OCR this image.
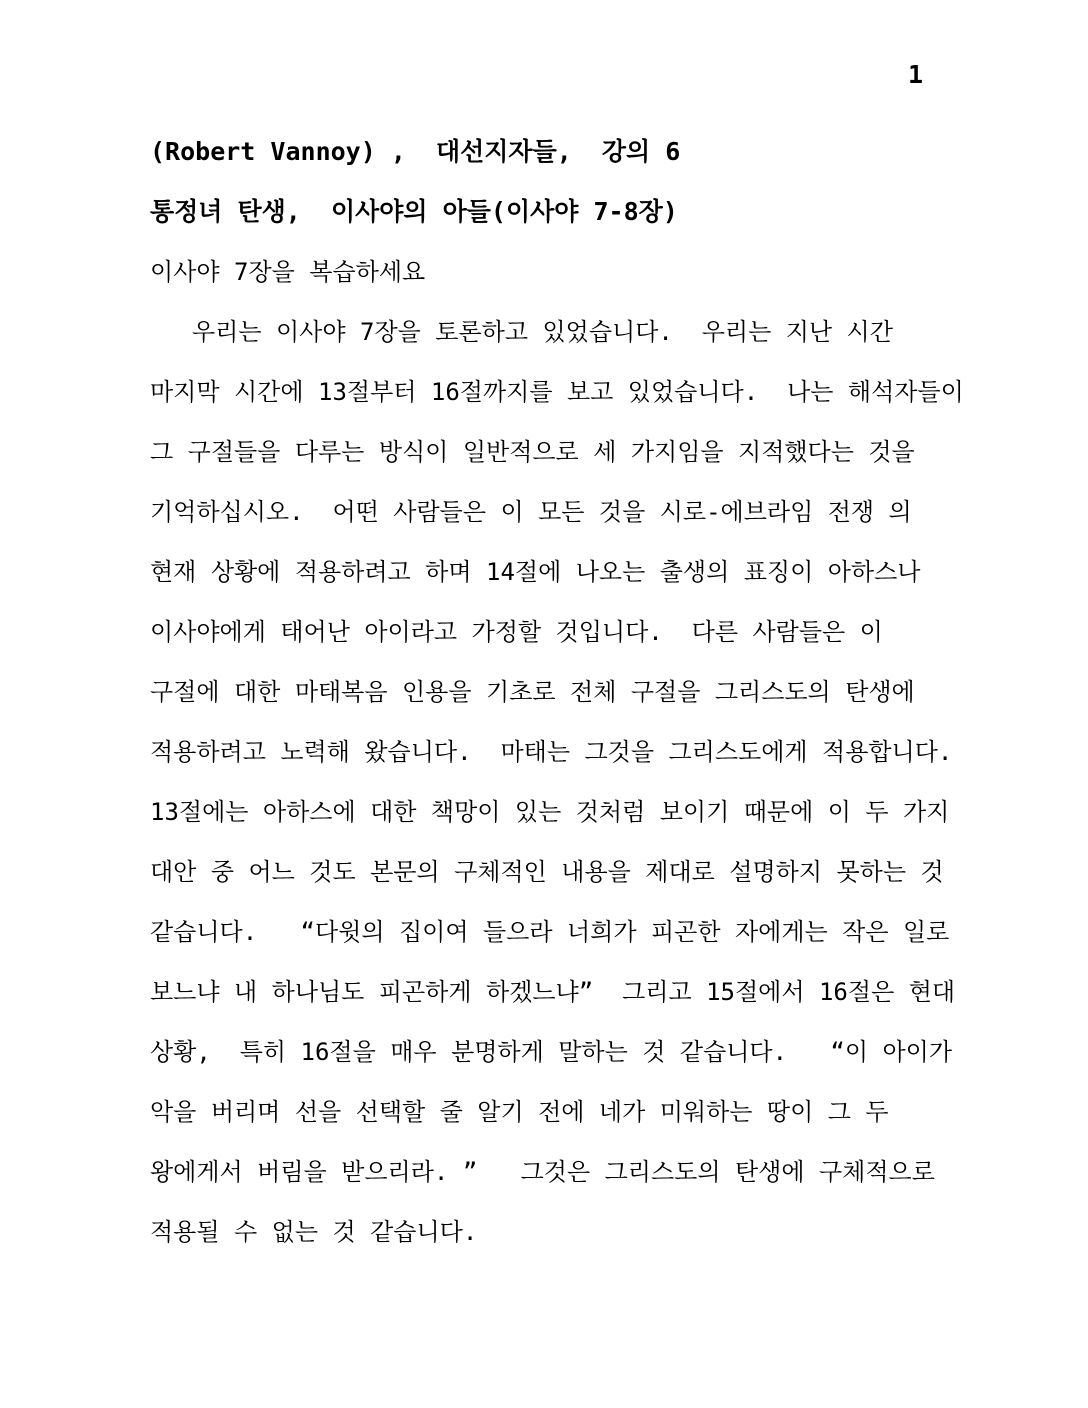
1
(Robert Vannoy) ,  대선지자들,  강의 6
통정녀 탄생,  이사야의 아들(이사야 7-8장)
이사야 7장을 복습하세요
우리는 이사야 7장을 토론하고 있었습니다.  우리는 지난 시간
마지막 시간에 13절부터 16절까지를 보고 있었습니다.  나는 해석자들이
그 구절들을 다루는 방식이 일반적으로 세 가지임을 지적했다는 것을
기억하십시오.  어떤 사람들은 이 모든 것을 시로-에브라임 전쟁 의
현재 상황에 적용하려고 하며 14절에 나오는 출생의 표징이 아하스나
이사야에게 태어난 아이라고 가정할 것입니다.  다른 사람들은 이
구절에 대한 마태복음 인용을 기초로 전체 구절을 그리스도의 탄생에
적용하려고 노력해 왔습니다.  마태는 그것을 그리스도에게 적용합니다.
13절에는 아하스에 대한 책망이 있는 것처럼 보이기 때문에 이 두 가지
대안 중 어느 것도 본문의 구체적인 내용을 제대로 설명하지 못하는 것
같습니다.   “다윗의 집이여 들으라 너희가 피곤한 자에게는 작은 일로
보느냐 내 하나님도 피곤하게 하겠느냐”  그리고 15절에서 16절은 현대
상황,  특히 16절을 매우 분명하게 말하는 것 같습니다.   “이 아이가
악을 버리며 선을 선택할 줄 알기 전에 네가 미워하는 땅이 그 두
왕에게서 버림을 받으리라. ”   그것은 그리스도의 탄생에 구체적으로
적용될 수 없는 것 같습니다.
